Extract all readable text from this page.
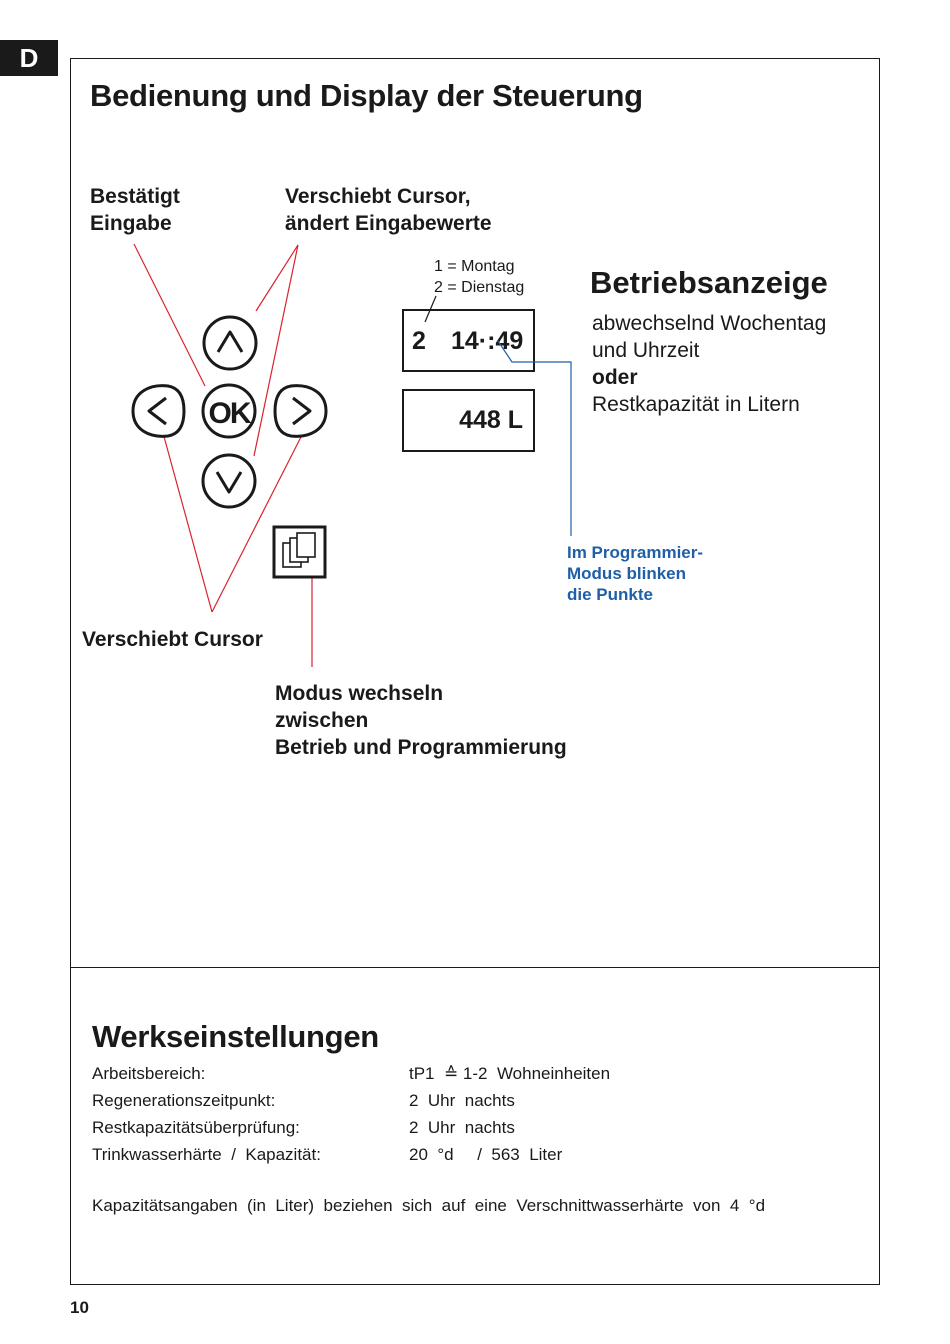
D
Bedienung und Display der Steuerung
Bestätigt
Eingabe
Verschiebt Cursor,
ändert Eingabewerte
1 = Montag
2 = Dienstag
2 14·:49
448 L
Betriebsanzeige
abwechselnd Wochentag
und Uhrzeit
oder
Restkapazität in Litern
Im Programmier-
Modus blinken
die Punkte
Verschiebt Cursor
Modus wechseln
zwischen
Betrieb und Programmierung
OK
Werkseinstellungen
Arbeitsbereich:	tP1  ≙ 1-2  Wohneinheiten
Regenerationszeitpunkt:	2  Uhr  nachts
Restkapazitätsüberprüfung:	2  Uhr  nachts
Trinkwasserhärte  /  Kapazität:	20  °d     /  563  Liter
Kapazitätsangaben  (in  Liter)  beziehen  sich  auf  eine  Verschnittwasserhärte  von  4  °d
10
